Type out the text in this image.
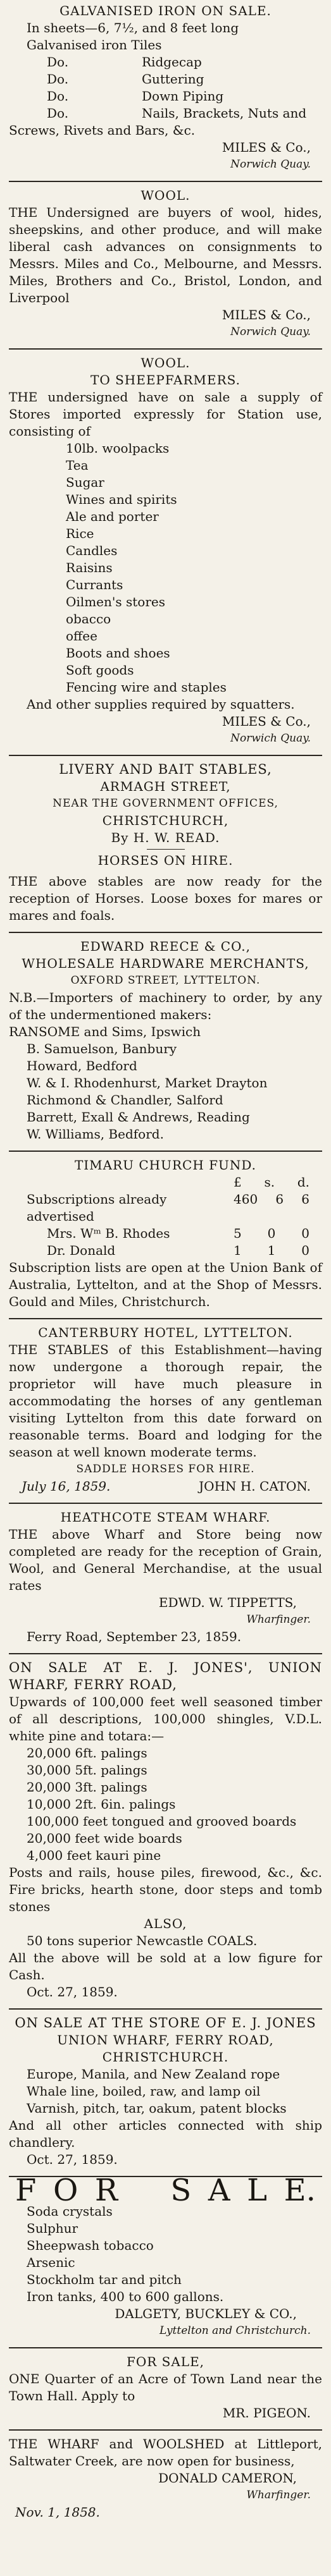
GALVANISED IRON ON SALE.
In sheets—6, 7½, and 8 feet long
Galvanised iron Tiles
Do.	Ridgecap
Do.	Guttering
Do.	Down Piping
Do.	Nails, Brackets, Nuts and
Screws, Rivets and Bars, &c.
MILES & Co.,
Norwich Quay.
WOOL.
THE Undersigned are buyers of wool, hides, sheepskins, and other produce, and will make liberal cash advances on consignments to Messrs. Miles and Co., Melbourne, and Messrs. Miles, Brothers and Co., Bristol, London, and Liverpool
MILES & Co.,
Norwich Quay.
WOOL.
TO SHEEPFARMERS.
THE undersigned have on sale a supply of Stores imported expressly for Station use, consisting of
10lb. woolpacks
Tea
Sugar
Wines and spirits
Ale and porter
Rice
Candles
Raisins
Currants
Oilmen's stores
obacco
offee
Boots and shoes
Soft goods
Fencing wire and staples
And other supplies required by squatters.
MILES & Co.,
Norwich Quay.
LIVERY AND BAIT STABLES,
ARMAGH STREET,
NEAR THE GOVERNMENT OFFICES,
CHRISTCHURCH,
By H. W. READ.
HORSES ON HIRE.
THE above stables are now ready for the reception of Horses. Loose boxes for mares or mares and foals.
EDWARD REECE & CO.,
WHOLESALE HARDWARE MERCHANTS,
OXFORD STREET, LYTTELTON.
N.B.—Importers of machinery to order, by any of the undermentioned makers:
RANSOME and Sims, Ipswich
B. Samuelson, Banbury
Howard, Bedford
W. & I. Rhodenhurst, Market Drayton
Richmond & Chandler, Salford
Barrett, Exall & Andrews, Reading
W. Williams, Bedford.
TIMARU CHURCH FUND.
£ s. d.
Subscriptions already advertised
460 6 6
Mrs. Wᵐ B. Rhodes	5 0 0
Dr. Donald	1 1 0
Subscription lists are open at the Union Bank of Australia, Lyttelton, and at the Shop of Messrs. Gould and Miles, Christchurch.
CANTERBURY HOTEL, LYTTELTON.
THE STABLES of this Establishment—having now undergone a thorough repair, the proprietor will have much pleasure in accommodating the horses of any gentleman visiting Lyttelton from this date forward on reasonable terms. Board and lodging for the season at well known moderate terms.
SADDLE HORSES FOR HIRE.
July 16, 1859.	JOHN H. CATON.
HEATHCOTE STEAM WHARF.
THE above Wharf and Store being now completed are ready for the reception of Grain, Wool, and General Merchandise, at the usual rates
EDWD. W. TIPPETTS,
Wharfinger.
Ferry Road, September 23, 1859.
ON SALE AT E. J. JONES', UNION WHARF, FERRY ROAD,
Upwards of 100,000 feet well seasoned timber of all descriptions, 100,000 shingles, V.D.L. white pine and totara:—
20,000 6ft. palings
30,000 5ft. palings
20,000 3ft. palings
10,000 2ft. 6in. palings
100,000 feet tongued and grooved boards
20,000 feet wide boards
4,000 feet kauri pine
Posts and rails, house piles, firewood, &c., &c. Fire bricks, hearth stone, door steps and tomb stones
ALSO,
50 tons superior Newcastle COALS.
All the above will be sold at a low figure for Cash.
Oct. 27, 1859.
ON SALE AT THE STORE OF E. J. JONES
UNION WHARF, FERRY ROAD,
CHRISTCHURCH.
Europe, Manila, and New Zealand rope
Whale line, boiled, raw, and lamp oil
Varnish, pitch, tar, oakum, patent blocks
And all other articles connected with ship chandlery.
Oct. 27, 1859.
F O R S A L E.
Soda crystals
Sulphur
Sheepwash tobacco
Arsenic
Stockholm tar and pitch
Iron tanks, 400 to 600 gallons.
DALGETY, BUCKLEY & CO.,
Lyttelton and Christchurch.
FOR SALE,
ONE Quarter of an Acre of Town Land near the Town Hall. Apply to
MR. PIGEON.
THE WHARF and WOOLSHED at Littleport, Saltwater Creek, are now open for business,
DONALD CAMERON,
Wharfinger.
Nov. 1, 1858.
